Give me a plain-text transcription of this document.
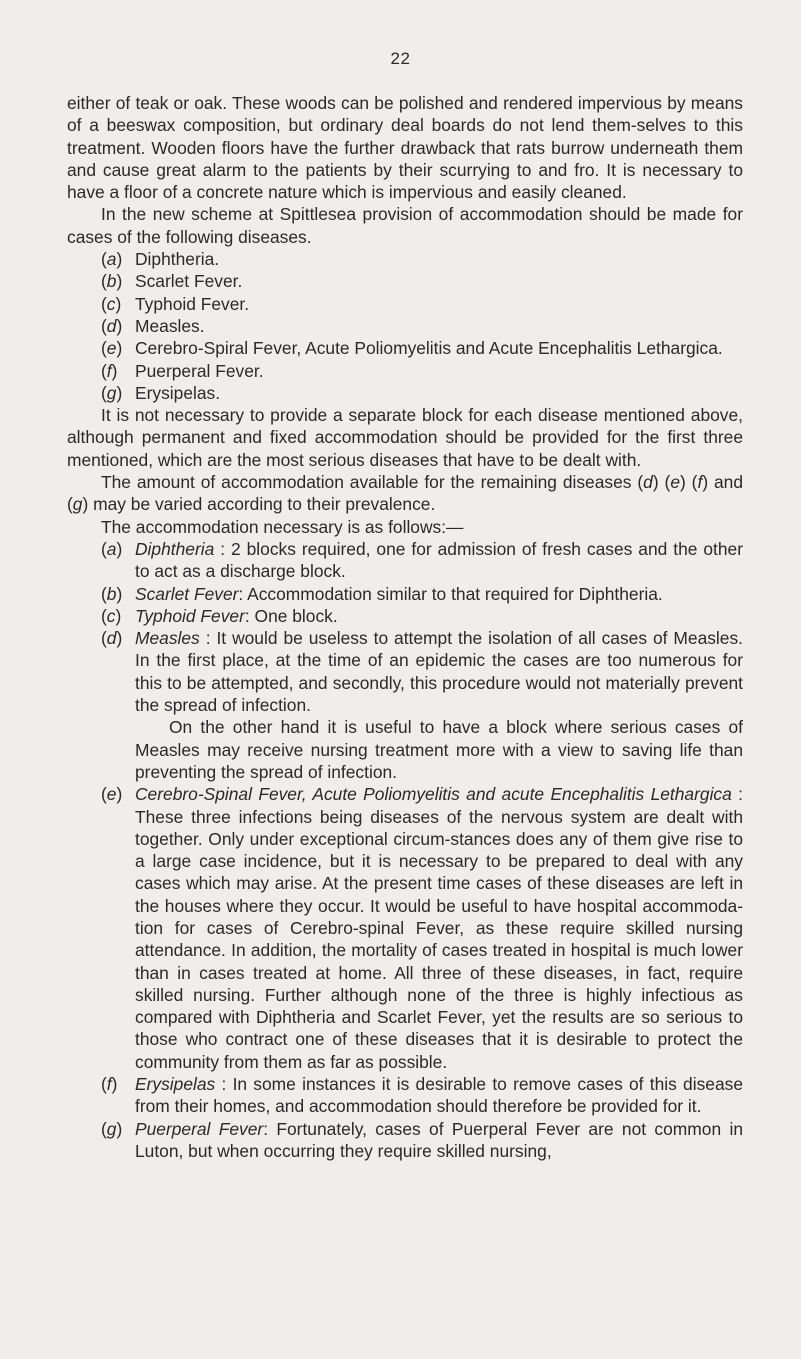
22

either of teak or oak. These woods can be polished and rendered impervious by means of a beeswax composition, but ordinary deal boards do not lend them-selves to this treatment. Wooden floors have the further drawback that rats burrow underneath them and cause great alarm to the patients by their scurrying to and fro. It is necessary to have a floor of a concrete nature which is impervious and easily cleaned.

In the new scheme at Spittlesea provision of accommodation should be made for cases of the following diseases.

(a) Diphtheria.
(b) Scarlet Fever.
(c) Typhoid Fever.
(d) Measles.
(e) Cerebro-Spiral Fever, Acute Poliomyelitis and Acute Encephalitis Lethargica.
(f) Puerperal Fever.
(g) Erysipelas.

It is not necessary to provide a separate block for each disease mentioned above, although permanent and fixed accommodation should be provided for the first three mentioned, which are the most serious diseases that have to be dealt with.

The amount of accommodation available for the remaining diseases (d) (e) (f) and (g) may be varied according to their prevalence.

The accommodation necessary is as follows:—

(a) Diphtheria : 2 blocks required, one for admission of fresh cases and the other to act as a discharge block.
(b) Scarlet Fever: Accommodation similar to that required for Diphtheria.
(c) Typhoid Fever: One block.
(d) Measles : It would be useless to attempt the isolation of all cases of Measles. In the first place, at the time of an epidemic the cases are too numerous for this to be attempted, and secondly, this procedure would not materially prevent the spread of infection.
On the other hand it is useful to have a block where serious cases of Measles may receive nursing treatment more with a view to saving life than preventing the spread of infection.
(e) Cerebro-Spinal Fever, Acute Poliomyelitis and acute Encephalitis Lethargica : These three infections being diseases of the nervous system are dealt with together. Only under exceptional circum-stances does any of them give rise to a large case incidence, but it is necessary to be prepared to deal with any cases which may arise. At the present time cases of these diseases are left in the houses where they occur. It would be useful to have hospital accommoda-tion for cases of Cerebro-spinal Fever, as these require skilled nursing attendance. In addition, the mortality of cases treated in hospital is much lower than in cases treated at home. All three of these diseases, in fact, require skilled nursing. Further although none of the three is highly infectious as compared with Diphtheria and Scarlet Fever, yet the results are so serious to those who contract one of these diseases that it is desirable to protect the community from them as far as possible.
(f) Erysipelas : In some instances it is desirable to remove cases of this disease from their homes, and accommodation should therefore be provided for it.
(g) Puerperal Fever: Fortunately, cases of Puerperal Fever are not common in Luton, but when occurring they require skilled nursing,
